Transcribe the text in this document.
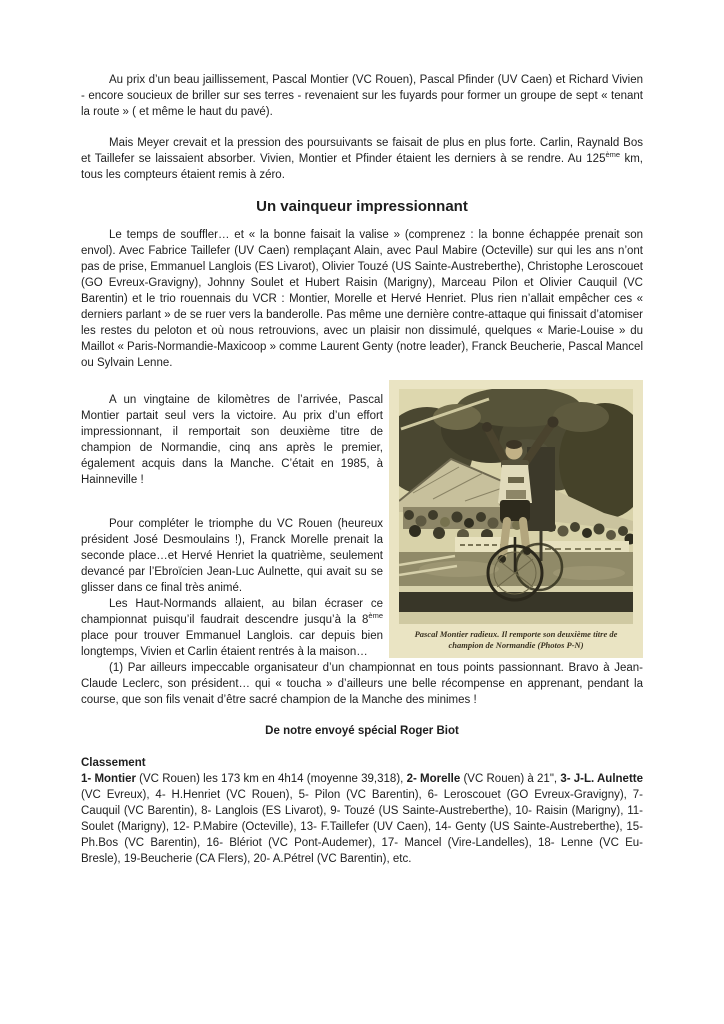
Au prix d’un beau jaillissement, Pascal Montier (VC Rouen), Pascal Pfinder (UV Caen) et Richard Vivien - encore soucieux de briller sur ses terres - revenaient sur les fuyards pour former un groupe de sept « tenant la route » ( et même le haut du pavé).

Mais Meyer crevait et la pression des poursuivants se faisait de plus en plus forte. Carlin, Raynald Bos et Taillefer se laissaient absorber. Vivien, Montier et Pfinder étaient les derniers à se rendre. Au 125ème km, tous les compteurs étaient remis à zéro.

Un vainqueur impressionnant

Le temps de souffler… et « la bonne faisait la valise » (comprenez : la bonne échappée prenait son envol). Avec Fabrice Taillefer (UV Caen) remplaçant Alain, avec Paul Mabire (Octeville) sur qui les ans n’ont pas de prise, Emmanuel Langlois (ES Livarot), Olivier Touzé (US Sainte-Austreberthe), Christophe Leroscouet (GO Evreux-Gravigny), Johnny Soulet et Hubert Raisin (Marigny), Marceau Pilon et Olivier Cauquil (VC Barentin) et le trio rouennais du VCR : Montier, Morelle et Hervé Henriet. Plus rien n’allait empêcher ces « derniers parlant » de se ruer vers la banderolle. Pas même une dernière contre-attaque qui finissait d’atomiser les restes du peloton et où nous retrouvions, avec un plaisir non dissimulé, quelques « Marie-Louise » du Maillot « Paris-Normandie-Maxicoop » comme Laurent Genty (notre leader), Franck Beucherie, Pascal Mancel ou Sylvain Lenne.

A un vingtaine de kilomètres de l’arrivée, Pascal Montier partait seul vers la victoire. Au prix d’un effort impressionnant, il remportait son deuxième titre de champion de Normandie, cinq ans après le premier, également acquis dans la Manche. C’était en 1985, à Hainneville !

Pour compléter le triomphe du VC Rouen (heureux président José Desmoulains !), Franck Morelle prenait la seconde place…et Hervé Henriet la quatrième, seulement devancé par l’Ebroïcien Jean-Luc Aulnette, qui avait su se glisser dans ce final très animé.

Les Haut-Normands allaient, au bilan écraser ce championnat puisqu’il faudrait descendre jusqu’à la 8ème place pour trouver Emmanuel Langlois. car depuis bien longtemps, Vivien et Carlin étaient rentrés à la maison…

Pascal Montier radieux. Il remporte son deuxième titre de champion de Normandie (Photos P-N)

(1) Par ailleurs impeccable organisateur d’un championnat en tous points passionnant. Bravo à Jean-Claude Leclerc, son président… qui « toucha » d’ailleurs une belle récompense en apprenant, pendant la course, que son fils venait d’être sacré champion de la Manche des minimes !

De notre envoyé spécial Roger Biot

Classement

1- Montier (VC Rouen) les 173 km en 4h14 (moyenne 39,318), 2- Morelle (VC Rouen) à 21", 3- J-L. Aulnette (VC Evreux), 4- H.Henriet (VC Rouen), 5- Pilon (VC Barentin), 6- Leroscouet (GO Evreux-Gravigny), 7- Cauquil (VC Barentin), 8- Langlois (ES Livarot), 9- Touzé (US Sainte-Austreberthe), 10- Raisin (Marigny), 11- Soulet (Marigny), 12- P.Mabire (Octeville), 13- F.Taillefer (UV Caen), 14- Genty (US Sainte-Austreberthe), 15- Ph.Bos (VC Barentin), 16- Blériot (VC Pont-Audemer), 17- Mancel (Vire-Landelles), 18- Lenne (VC Eu-Bresle), 19-Beucherie (CA Flers), 20- A.Pétrel (VC Barentin), etc.
